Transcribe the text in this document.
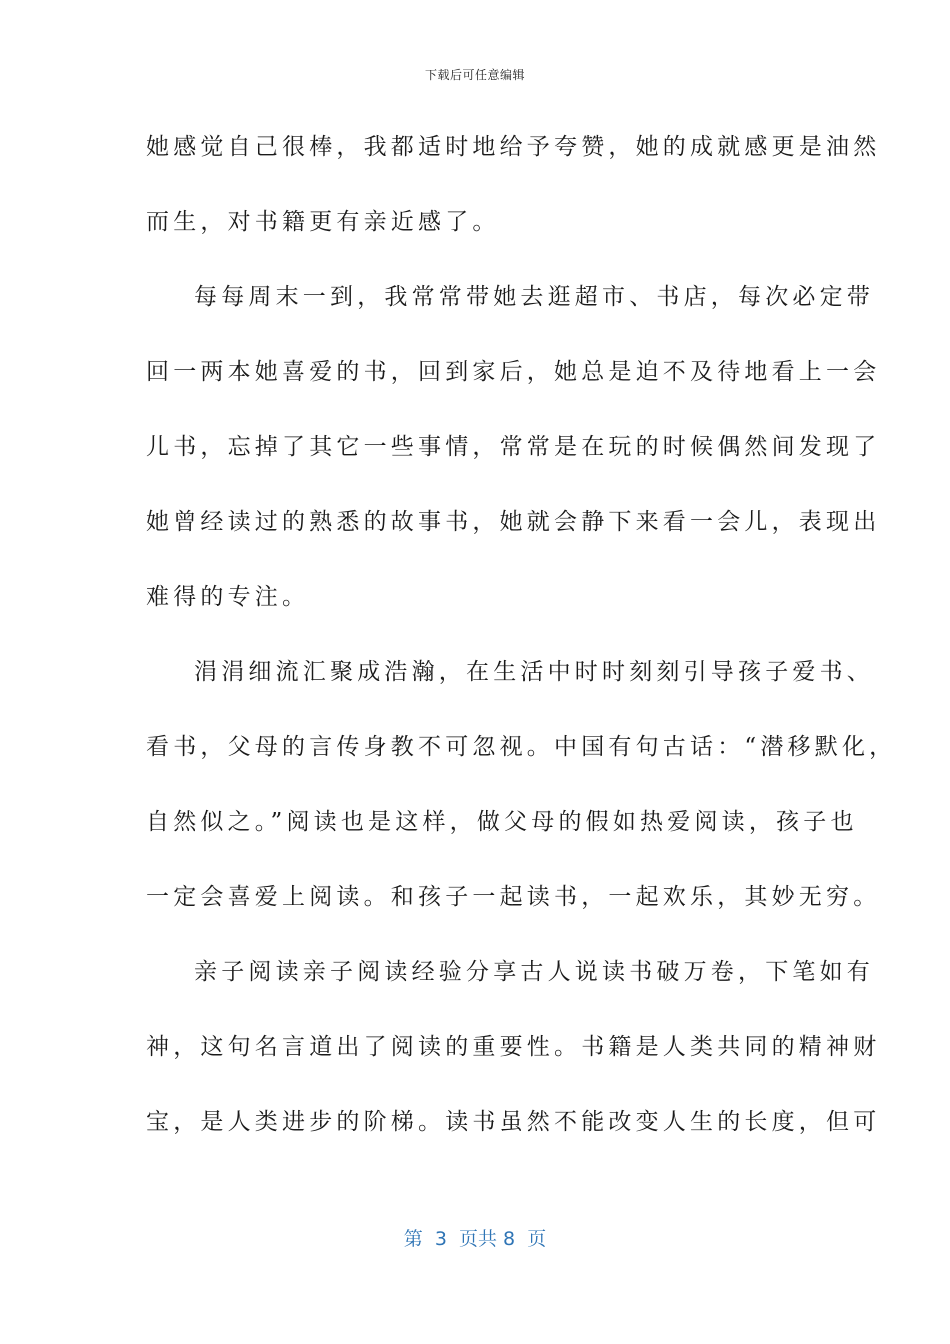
下载后可任意编辑
她感觉自己很棒，我都适时地给予夸赞，她的成就感更是油然
而生，对书籍更有亲近感了。
每每周末一到，我常常带她去逛超市、书店，每次必定带
回一两本她喜爱的书，回到家后，她总是迫不及待地看上一会
儿书，忘掉了其它一些事情，常常是在玩的时候偶然间发现了
她曾经读过的熟悉的故事书，她就会静下来看一会儿，表现出
难得的专注。
涓涓细流汇聚成浩瀚，在生活中时时刻刻引导孩子爱书、
看书，父母的言传身教不可忽视。中国有句古话：“潜移默化，
自然似之。”阅读也是这样，做父母的假如热爱阅读，孩子也
一定会喜爱上阅读。和孩子一起读书，一起欢乐，其妙无穷。
亲子阅读亲子阅读经验分享古人说读书破万卷，下笔如有
神，这句名言道出了阅读的重要性。书籍是人类共同的精神财
宝，是人类进步的阶梯。读书虽然不能改变人生的长度，但可
第  3  页共 8  页
